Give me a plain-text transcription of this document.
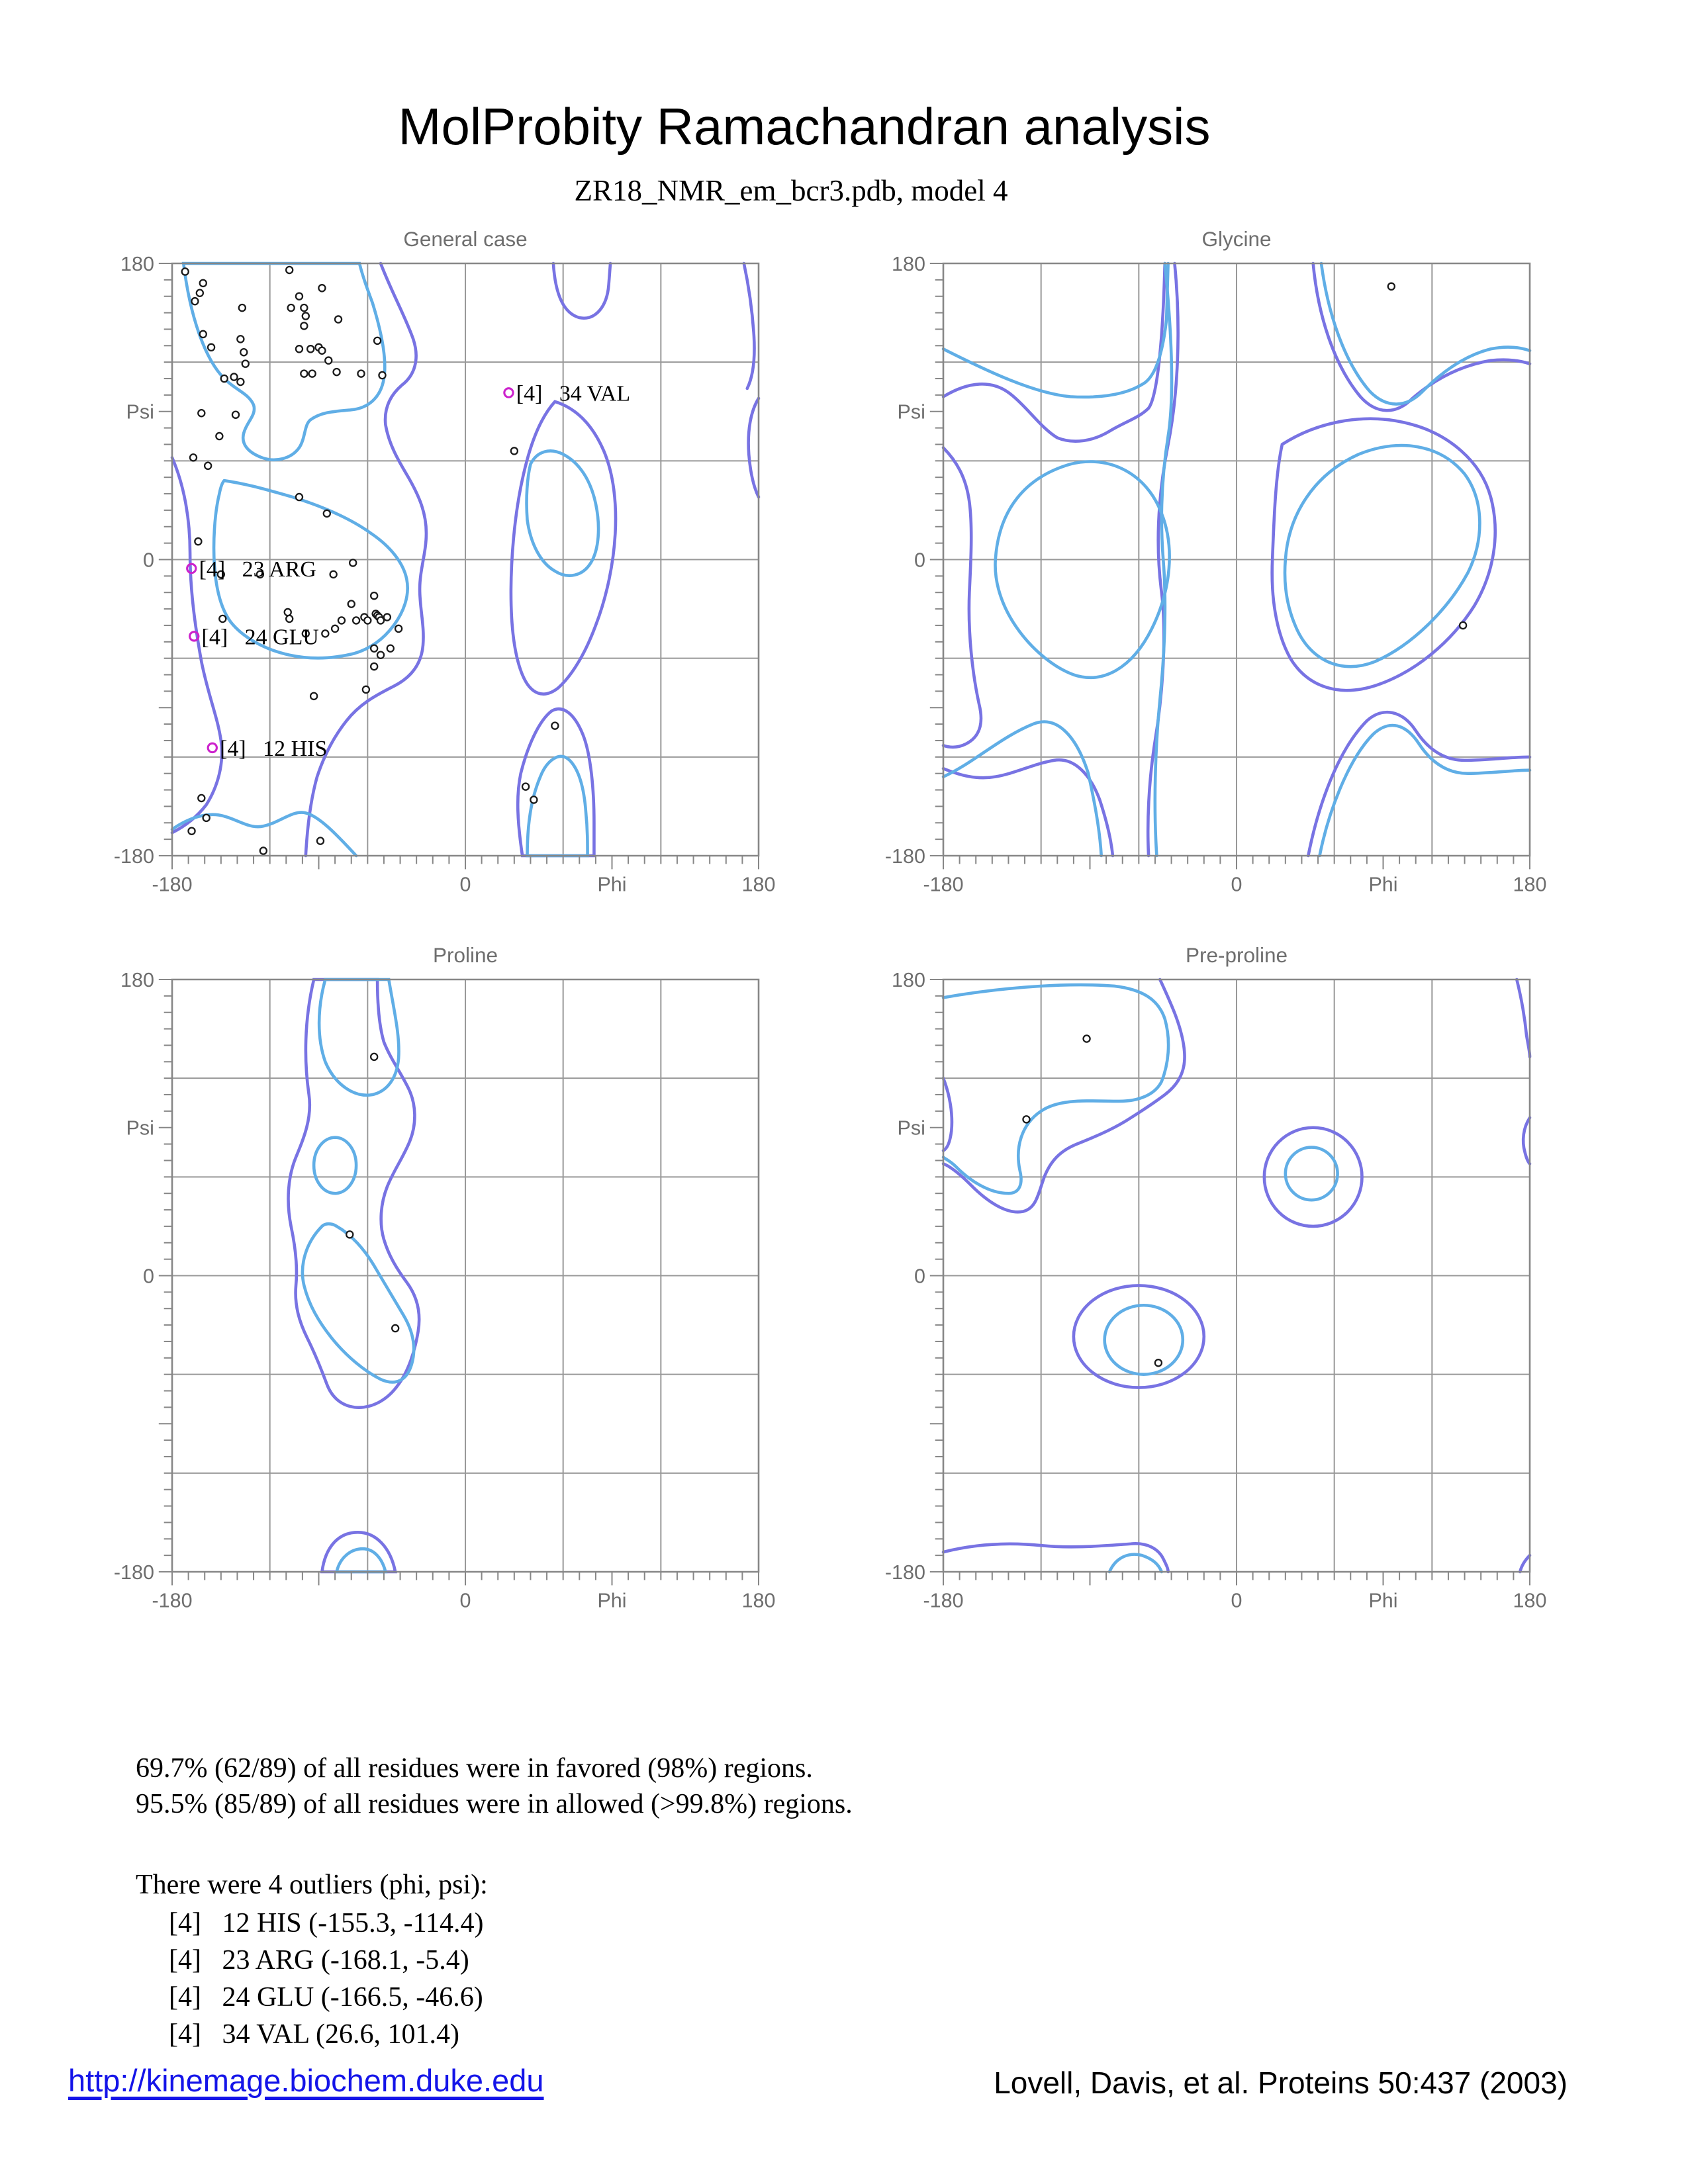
MolProbity Ramachandran analysis
ZR18_NMR_em_bcr3.pdb, model 4
[4]   23 ARG
[4]   24 GLU
[4]   12 HIS
[4]   34 VAL
-180	0	Phi	180
180
Psi
0
-180
General case
-180	0	Phi	180
180
Psi
0
-180
Glycine
-180	0	Phi	180
180
Psi
0
-180
Proline
-180	0	Phi	180
180
Psi
0
-180
Pre-proline
69.7% (62/89) of all residues were in favored (98%) regions.
95.5% (85/89) of all residues were in allowed (>99.8%) regions.
There were 4 outliers (phi, psi):
[4]   12 HIS (-155.3, -114.4)
[4]   23 ARG (-168.1, -5.4)
[4]   24 GLU (-166.5, -46.6)
[4]   34 VAL (26.6, 101.4)
http://kinemage.biochem.duke.edu	Lovell, Davis, et al. Proteins 50:437 (2003)
